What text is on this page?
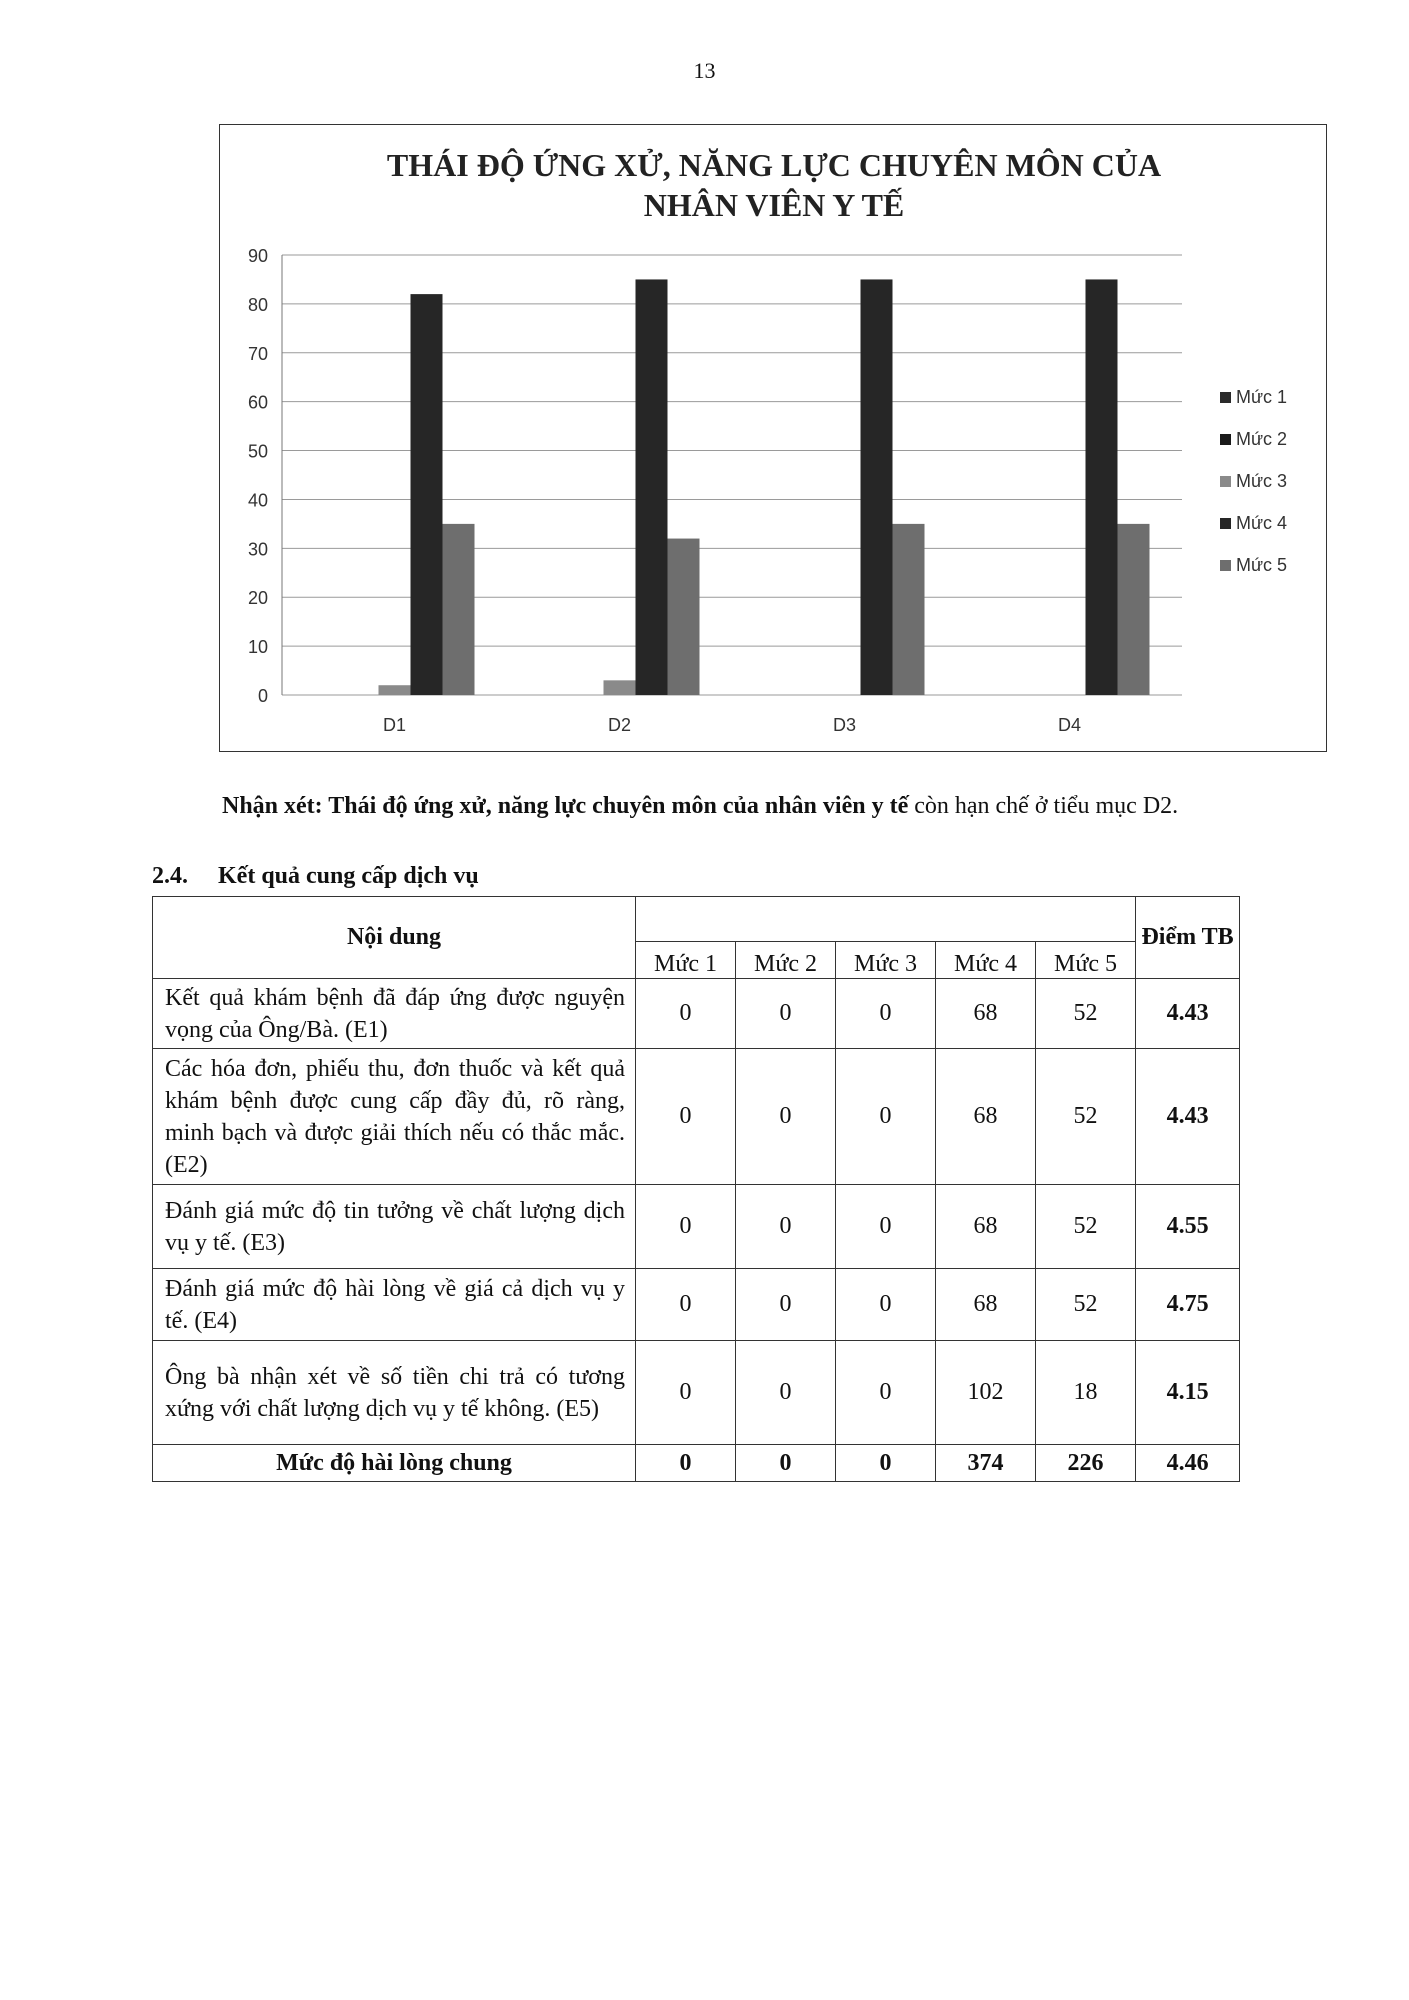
13
THÁI ĐỘ ỨNG XỬ, NĂNG LỰC CHUYÊN MÔN CỦA
NHÂN VIÊN Y TẾ
0
10
20
30
40
50
60
70
80
90
D1	D2	D3	D4
Mức 1
Mức 2
Mức 3
Mức 4
Mức 5
Nhận xét: Thái độ ứng xử, năng lực chuyên môn của nhân viên y tế còn hạn chế ở tiểu mục D2.
2.4. Kết quả cung cấp dịch vụ
Nội dung						Điểm TB
	Mức 1	Mức 2	Mức 3	Mức 4	Mức 5	
Kết quả khám bệnh đã đáp ứng được nguyện vọng của Ông/Bà. (E1)	0	0	0	68	52	4.43
Các hóa đơn, phiếu thu, đơn thuốc và kết quả khám bệnh được cung cấp đầy đủ, rõ ràng, minh bạch và được giải thích nếu có thắc mắc. (E2)	0	0	0	68	52	4.43
Đánh giá mức độ tin tưởng về chất lượng dịch vụ y tế. (E3)	0	0	0	68	52	4.55
Đánh giá mức độ hài lòng về giá cả dịch vụ y tế. (E4)	0	0	0	68	52	4.75
Ông bà nhận xét về số tiền chi trả có tương xứng với chất lượng dịch vụ y tế không. (E5)	0	0	0	102	18	4.15
Mức độ hài lòng chung	0	0	0	374	226	4.46
